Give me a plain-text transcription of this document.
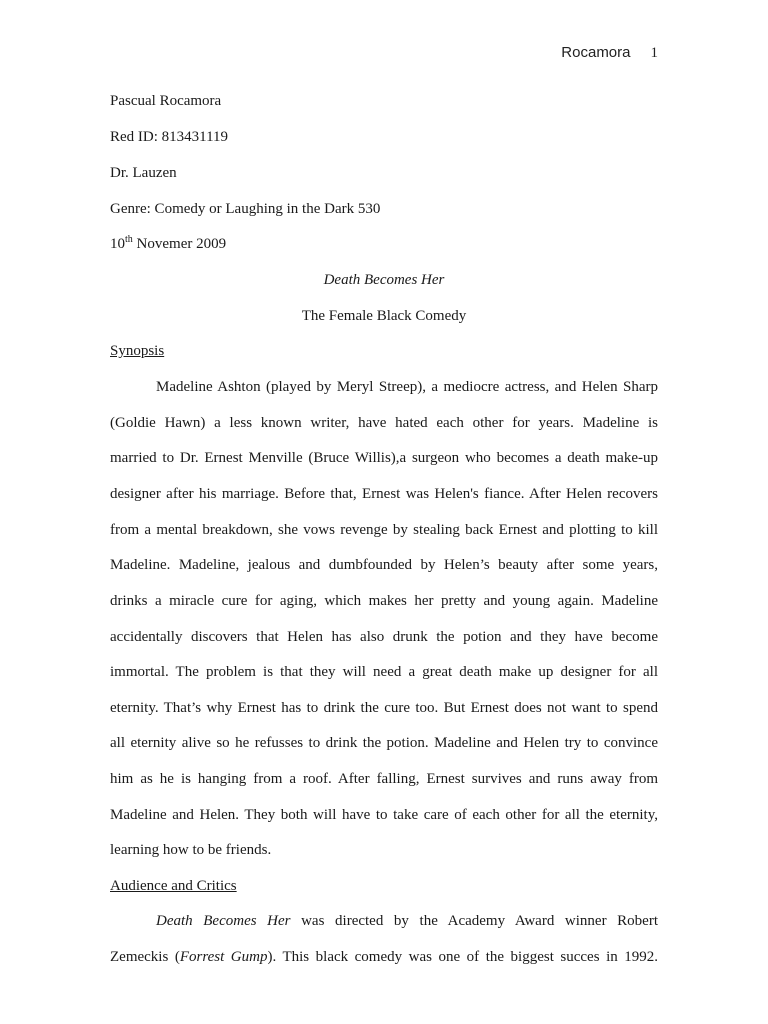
Rocamora 1
Pascual Rocamora
Red ID: 813431119
Dr. Lauzen
Genre: Comedy or Laughing in the Dark 530
10th Novemer 2009
Death Becomes Her
The Female Black Comedy
Synopsis
Madeline Ashton (played by Meryl Streep), a mediocre actress, and Helen Sharp
(Goldie Hawn) a less known writer, have hated each other for years. Madeline is
married to Dr. Ernest Menville (Bruce Willis),a surgeon who becomes a death make-up
designer after his marriage. Before that, Ernest was Helen's fiance. After Helen recovers
from a mental breakdown, she vows revenge by stealing back Ernest and plotting to kill
Madeline. Madeline, jealous and dumbfounded by Helen’s beauty after some years,
drinks a miracle cure for aging, which makes her pretty and young again. Madeline
accidentally discovers that Helen has also drunk the potion and they have become
immortal. The problem is that they will need a great death make up designer for all
eternity. That’s why Ernest has to drink the cure too. But Ernest does not want to spend
all eternity alive so he refusses to drink the potion. Madeline and Helen try to convince
him as he is hanging from a roof. After falling, Ernest survives and runs away from
Madeline and Helen. They both will have to take care of each other for all the eternity,
learning how to be friends.
Audience and Critics
Death Becomes Her was directed by the Academy Award winner Robert
Zemeckis (Forrest Gump). This black comedy was one of the biggest succes in 1992.
